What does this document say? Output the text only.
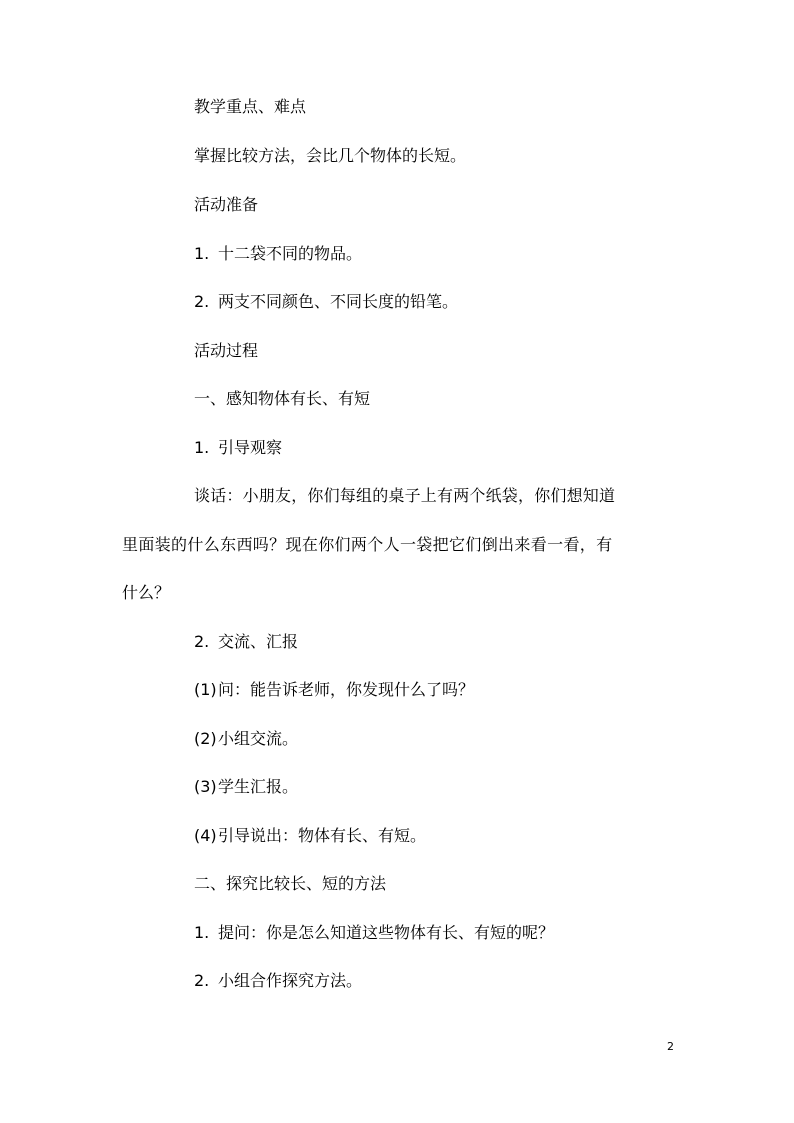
教学重点、难点
掌握比较方法，会比几个物体的长短。
活动准备
1. 十二袋不同的物品。
2. 两支不同颜色、不同长度的铅笔。
活动过程
一、感知物体有长、有短
1. 引导观察
谈话：小朋友，你们每组的桌子上有两个纸袋，你们想知道
里面装的什么东西吗？现在你们两个人一袋把它们倒出来看一看，有
什么？
2. 交流、汇报
(1)问：能告诉老师，你发现什么了吗？
(2)小组交流。
(3)学生汇报。
(4)引导说出：物体有长、有短。
二、探究比较长、短的方法
1. 提问：你是怎么知道这些物体有长、有短的呢？
2. 小组合作探究方法。
2
